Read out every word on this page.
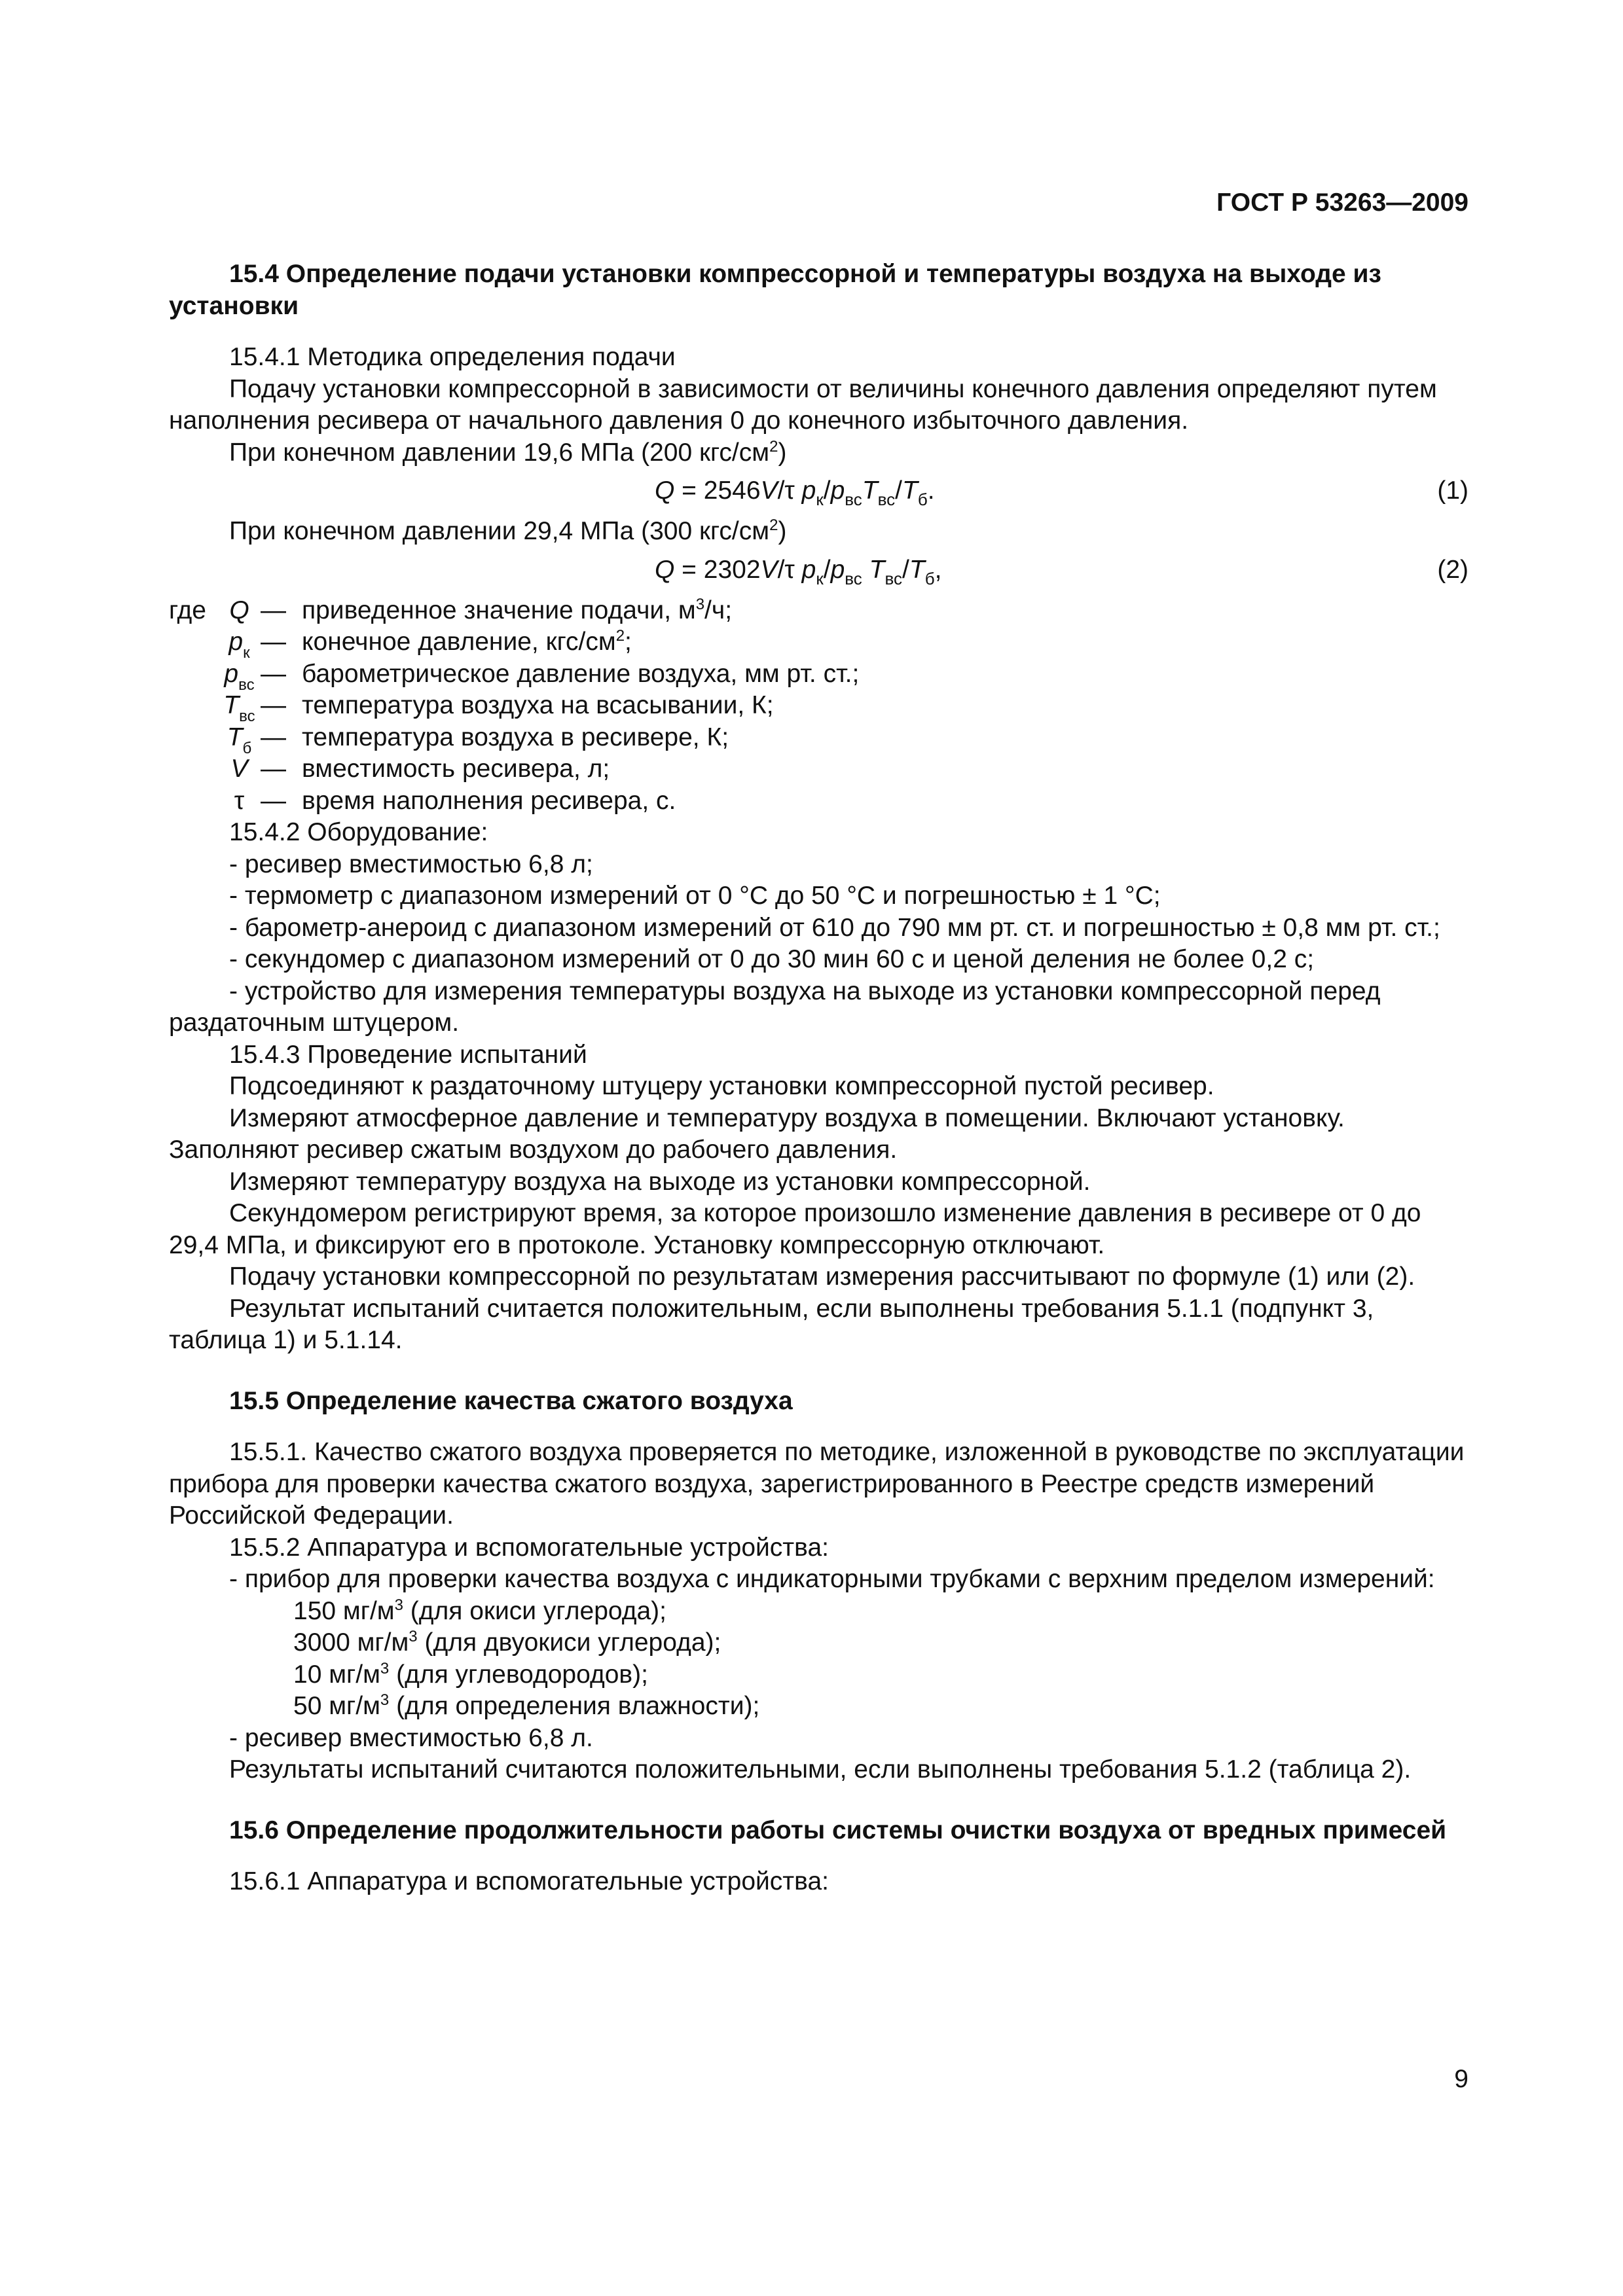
ГОСТ Р 53263—2009

15.4 Определение подачи установки компрессорной и температуры воздуха на выходе из установки

15.4.1 Методика определения подачи

Подачу установки компрессорной в зависимости от величины конечного давления определяют путем наполнения ресивера от начального давления 0 до конечного избыточного давления.

При конечном давлении 19,6 МПа (200 кгс/$см^2$)

Q = 2546V/τ $p_к/p_{вс}T_{вс}/T_б$.	(1)

При конечном давлении 29,4 МПа (300 кгс/$см^2$)

Q = 2302V/τ $p_к/p_{вс}$ $T_{вс}/T_б$,	(2)
где Q — приведенное значение подачи, $м^3/ч$;
$p_к$ — конечное давление, кгс/$см^2$;
$p_{вс}$ — барометрическое давление воздуха, мм рт. ст.;
$T_{вс}$ — температура воздуха на всасывании, К;
$T_б$ — температура воздуха в ресивере, К;
V — вместимость ресивера, л;
τ — время наполнения ресивера, с.

15.4.2 Оборудование:

- ресивер вместимостью 6,8 л;

- термометр с диапазоном измерений от 0 °С до 50 °С и погрешностью ± 1 °С;

- барометр-анероид с диапазоном измерений от 610 до 790 мм рт. ст. и погрешностью ± 0,8 мм рт. ст.;

- секундомер с диапазоном измерений от 0 до 30 мин 60 с и ценой деления не более 0,2 с;

- устройство для измерения температуры воздуха на выходе из установки компрессорной перед раздаточным штуцером.

15.4.3 Проведение испытаний

Подсоединяют к раздаточному штуцеру установки компрессорной пустой ресивер.

Измеряют атмосферное давление и температуру воздуха в помещении. Включают установку. Заполняют ресивер сжатым воздухом до рабочего давления.

Измеряют температуру воздуха на выходе из установки компрессорной.

Секундомером регистрируют время, за которое произошло изменение давления в ресивере от 0 до 29,4 МПа, и фиксируют его в протоколе. Установку компрессорную отключают.

Подачу установки компрессорной по результатам измерения рассчитывают по формуле (1) или (2).

Результат испытаний считается положительным, если выполнены требования 5.1.1 (подпункт 3, таблица 1) и 5.1.14.

15.5 Определение качества сжатого воздуха

15.5.1. Качество сжатого воздуха проверяется по методике, изложенной в руководстве по эксплуатации прибора для проверки качества сжатого воздуха, зарегистрированного в Реестре средств измерений Российской Федерации.

15.5.2 Аппаратура и вспомогательные устройства:

- прибор для проверки качества воздуха с индикаторными трубками с верхним пределом измерений:

150 $мг/м^3$ (для окиси углерода);

3000 $мг/м^3$ (для двуокиси углерода);

10 $мг/м^3$ (для углеводородов);

50 $мг/м^3$ (для определения влажности);

- ресивер вместимостью 6,8 л.

Результаты испытаний считаются положительными, если выполнены требования 5.1.2 (таблица 2).

15.6 Определение продолжительности работы системы очистки воздуха от вредных примесей

15.6.1 Аппаратура и вспомогательные устройства:

9
